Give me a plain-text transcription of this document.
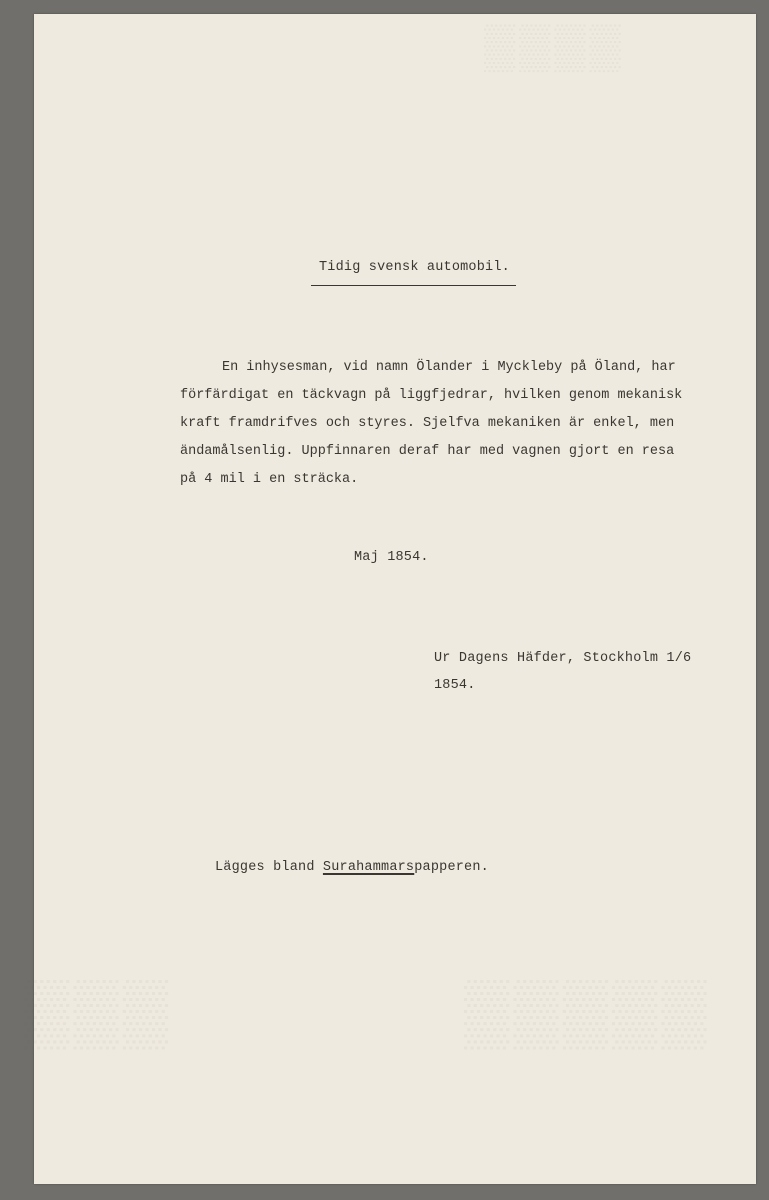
▒▒▒▒
▒▒▒	▒▒▒▒▒
Tidig svensk automobil.
En inhysesman, vid namn Ölander i Myckleby på Öland, har
förfärdigat en täckvagn på liggfjedrar, hvilken genom mekanisk
kraft framdrifves och styres. Sjelfva mekaniken är enkel, men
ändamålsenlig. Uppfinnaren deraf har med vagnen gjort en resa
på 4 mil i en sträcka.
Maj 1854.
Ur Dagens Häfder, Stockholm 1/6
1854.
Lägges bland Surahammarspapperen.
